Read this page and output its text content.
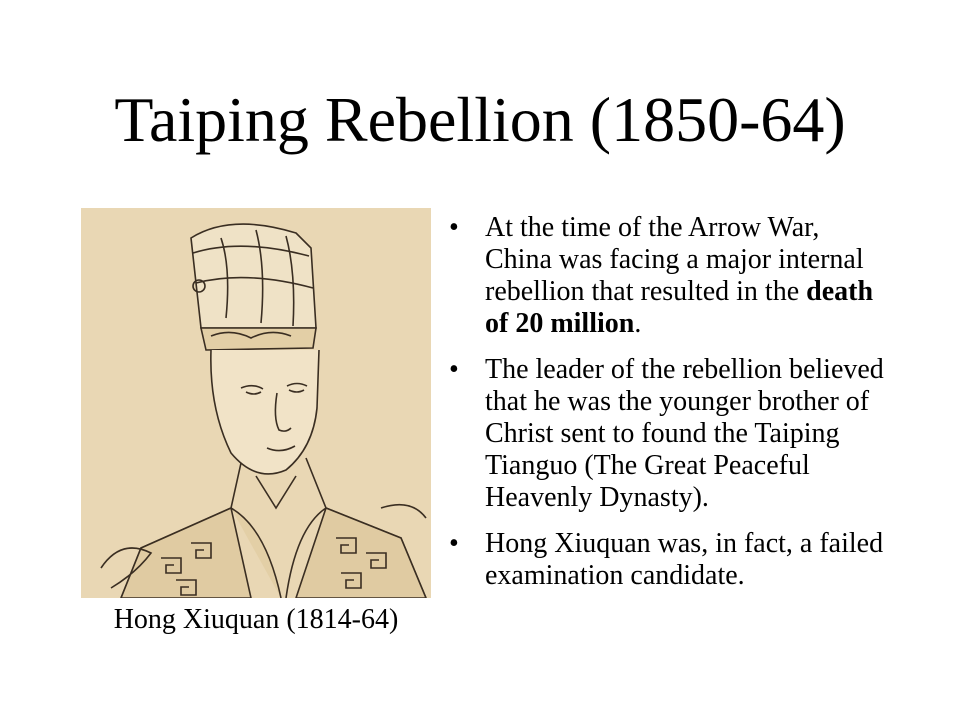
Taiping Rebellion (1850-64)
Hong Xiuquan (1814-64)
• At the time of the Arrow War, China was facing a major internal rebellion that resulted in the death of 20 million.
• The leader of the rebellion believed that he was the younger brother of Christ sent to found the Taiping Tianguo (The Great Peaceful Heavenly Dynasty).
• Hong Xiuquan was, in fact, a failed examination candidate.
